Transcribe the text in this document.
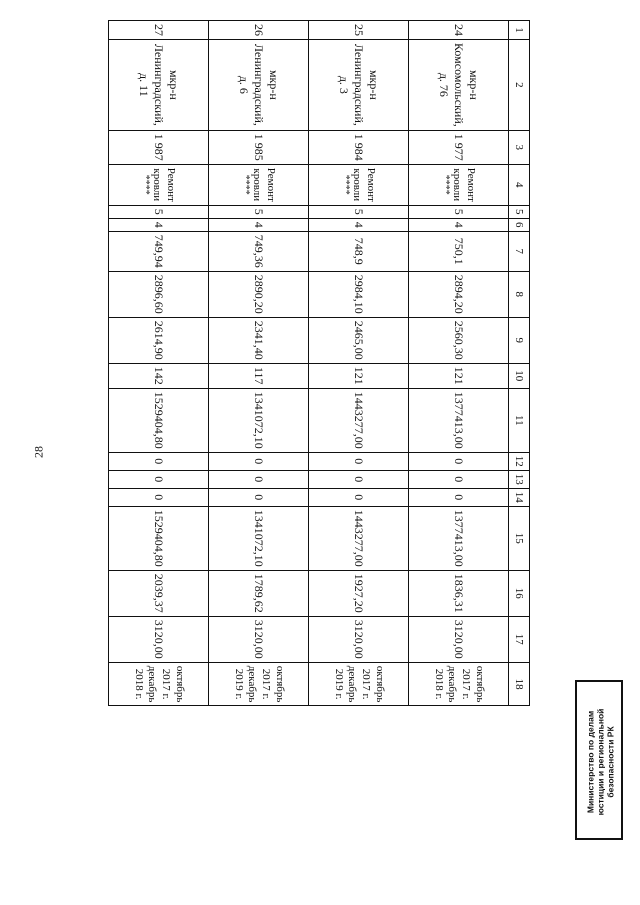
28
1	2	3	4	5	6	7	8	9	10	11	12	13	14	15	16	17	18
24	мкр-н
Комсомольский,
д. 76	1 977	Ремонт кровли
****	5	4	750,1	2894,20	2560,30	121	1377413,00	0	0	0	1377413,00	1836,31	3120,00	октябрь 2017 г.
декабрь 2018 г.
25	мкр-н
Ленинградский,
д. 3	1 984	Ремонт кровли
****	5	4	748,9	2984,10	2465,00	121	1443277,00	0	0	0	1443277,00	1927,20	3120,00	октябрь 2017 г.
декабрь 2019 г.
26	мкр-н
Ленинградский,
д. 6	1 985	Ремонт кровли
****	5	4	749,36	2890,20	2341,40	117	1341072,10	0	0	0	1341072,10	1789,62	3120,00	октябрь 2017 г.
декабрь 2019 г.
27	мкр-н
Ленинградский,
д. 11	1 987	Ремонт кровли
****	5	4	749,94	2896,60	2614,90	142	1529404,80	0	0	0	1529404,80	2039,37	3120,00	октябрь 2017 г.
декабрь 2018 г.
Министерство по делам
юстиции и региональной
безопасности РК
